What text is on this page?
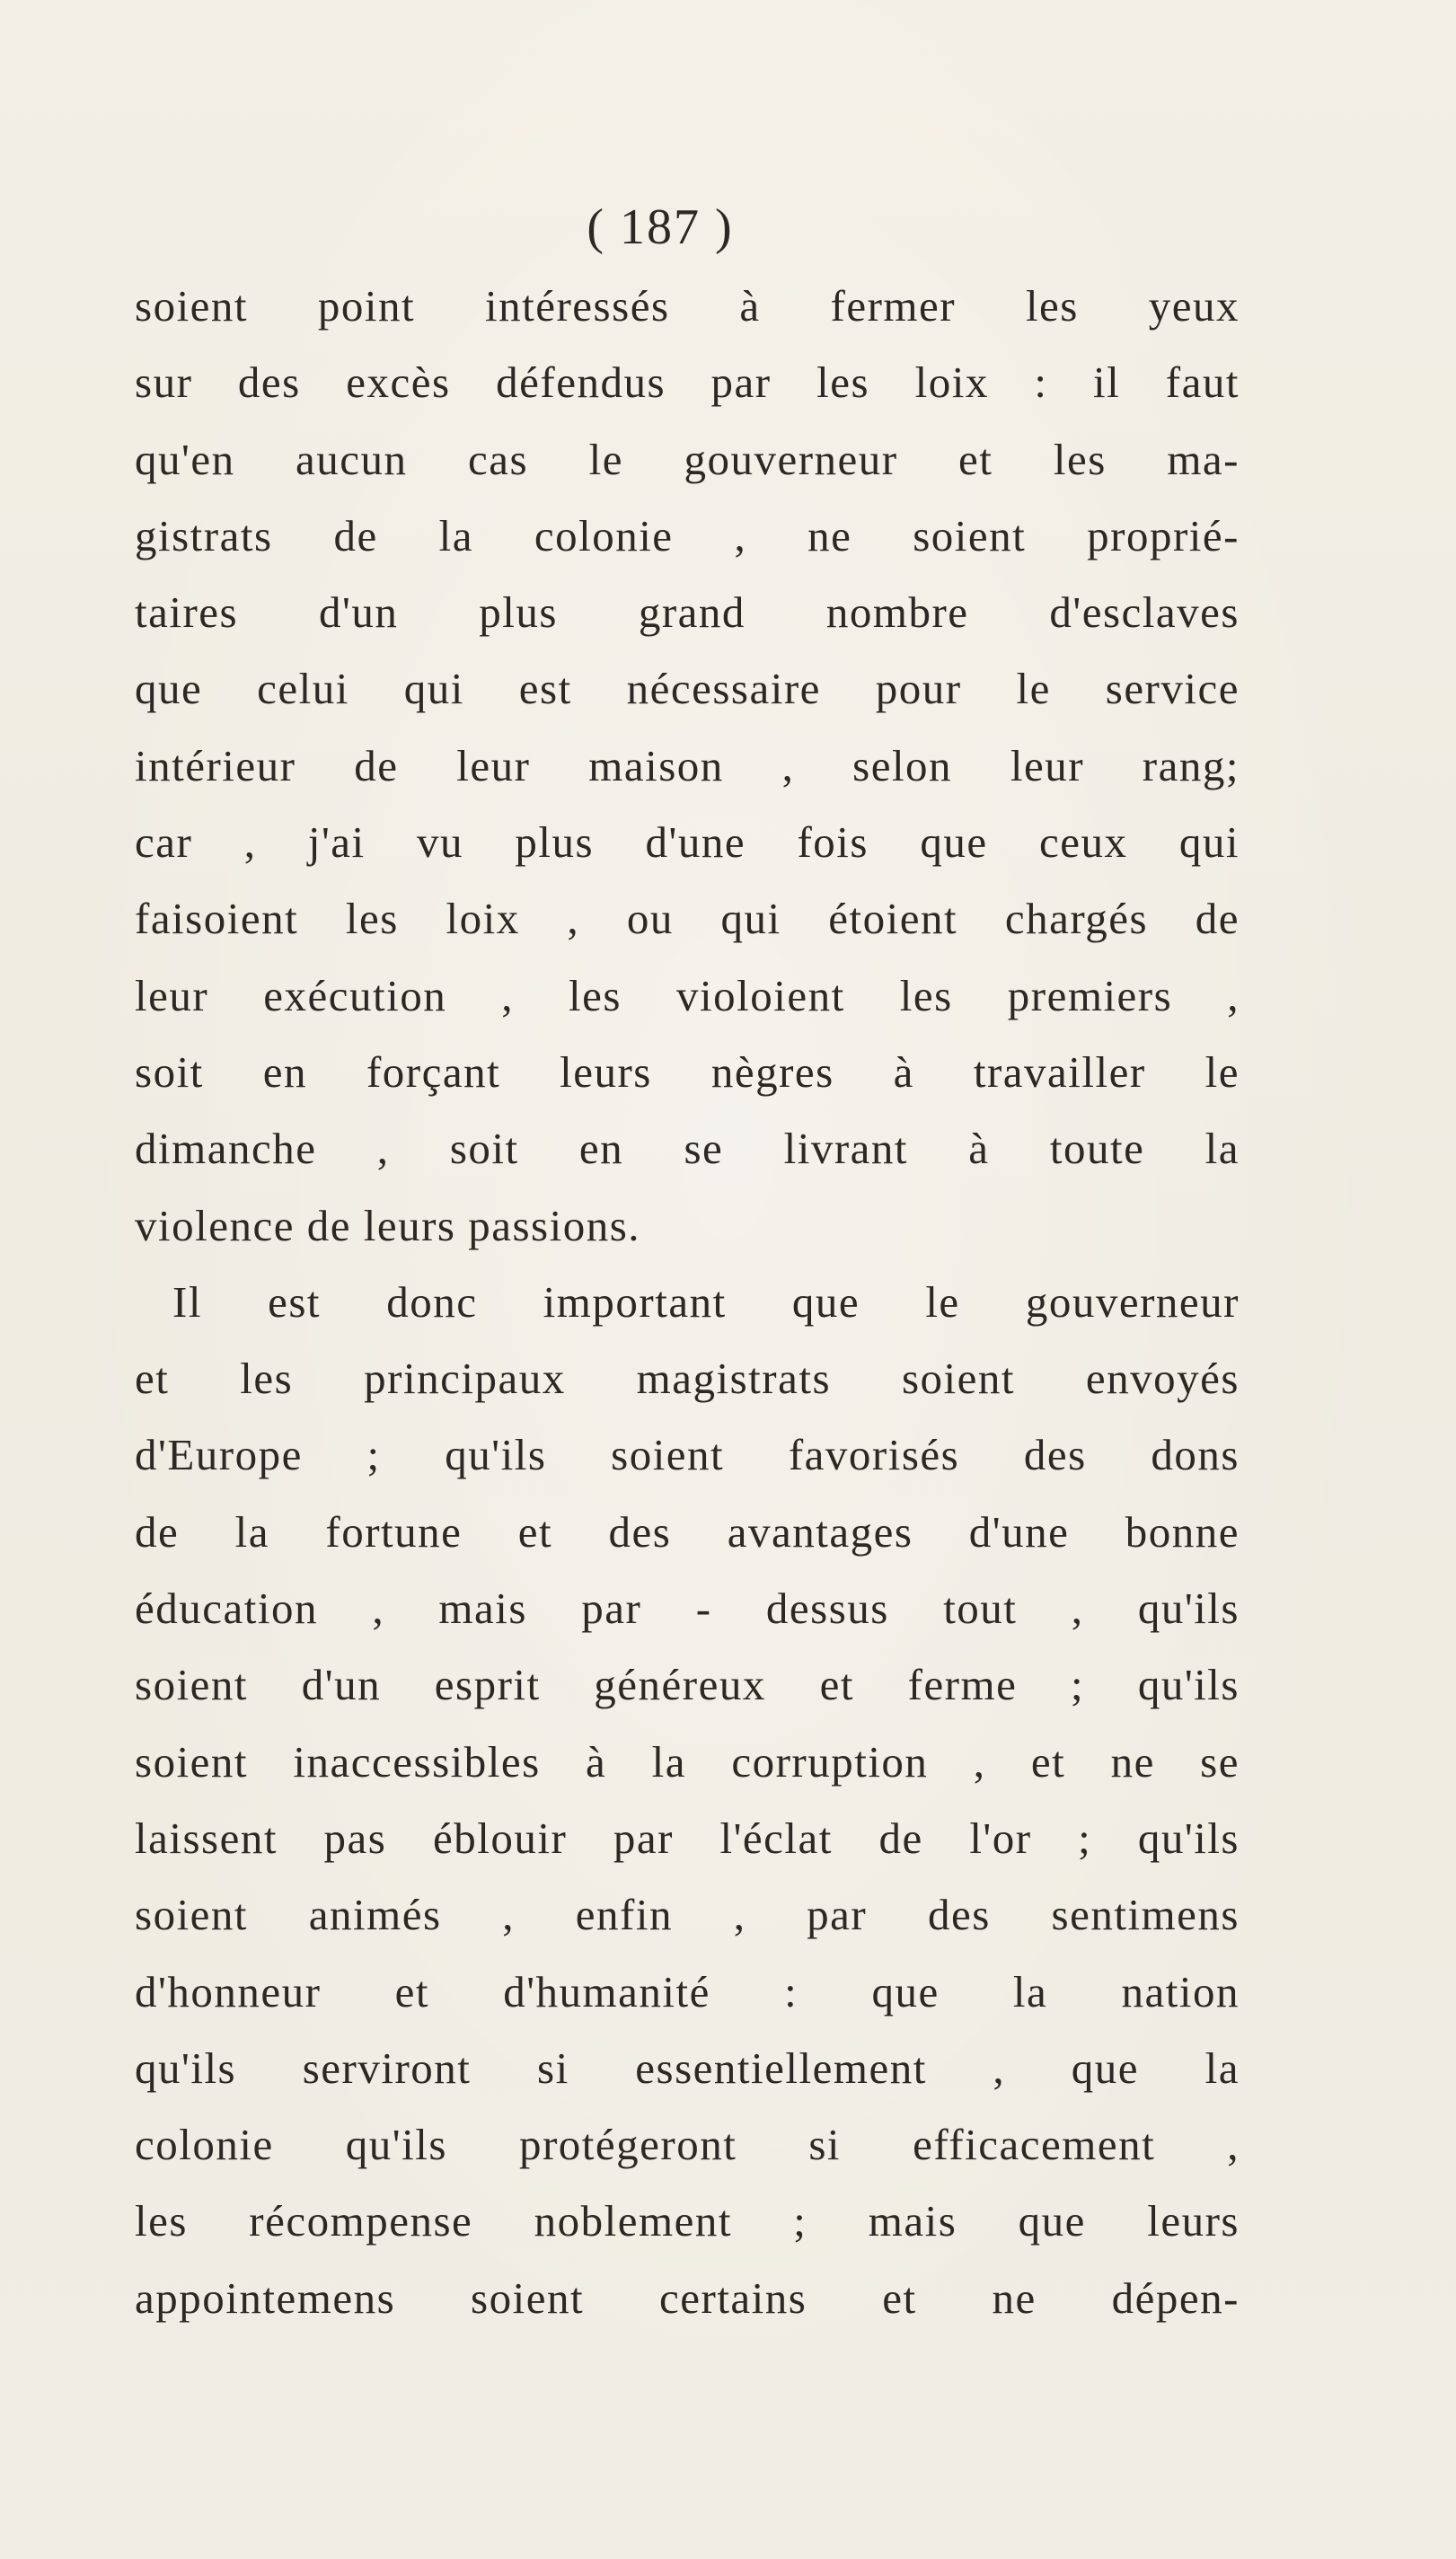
( 187 )
soient point intéressés à fermer les yeux
sur des excès défendus par les loix : il faut
qu'en aucun cas le gouverneur et les ma-
gistrats de la colonie , ne soient proprié-
taires d'un plus grand nombre d'esclaves
que celui qui est nécessaire pour le service
intérieur de leur maison , selon leur rang;
car , j'ai vu plus d'une fois que ceux qui
faisoient les loix , ou qui étoient chargés de
leur exécution , les violoient les premiers ,
soit en forçant leurs nègres à travailler le
dimanche , soit en se livrant à toute la
violence de leurs passions.
Il est donc important que le gouverneur
et les principaux magistrats soient envoyés
d'Europe ; qu'ils soient favorisés des dons
de la fortune et des avantages d'une bonne
éducation , mais par - dessus tout , qu'ils
soient d'un esprit généreux et ferme ; qu'ils
soient inaccessibles à la corruption , et ne se
laissent pas éblouir par l'éclat de l'or ; qu'ils
soient animés , enfin , par des sentimens
d'honneur et d'humanité : que la nation
qu'ils serviront si essentiellement , que la
colonie qu'ils protégeront si efficacement ,
les récompense noblement ; mais que leurs
appointemens soient certains et ne dépen-
